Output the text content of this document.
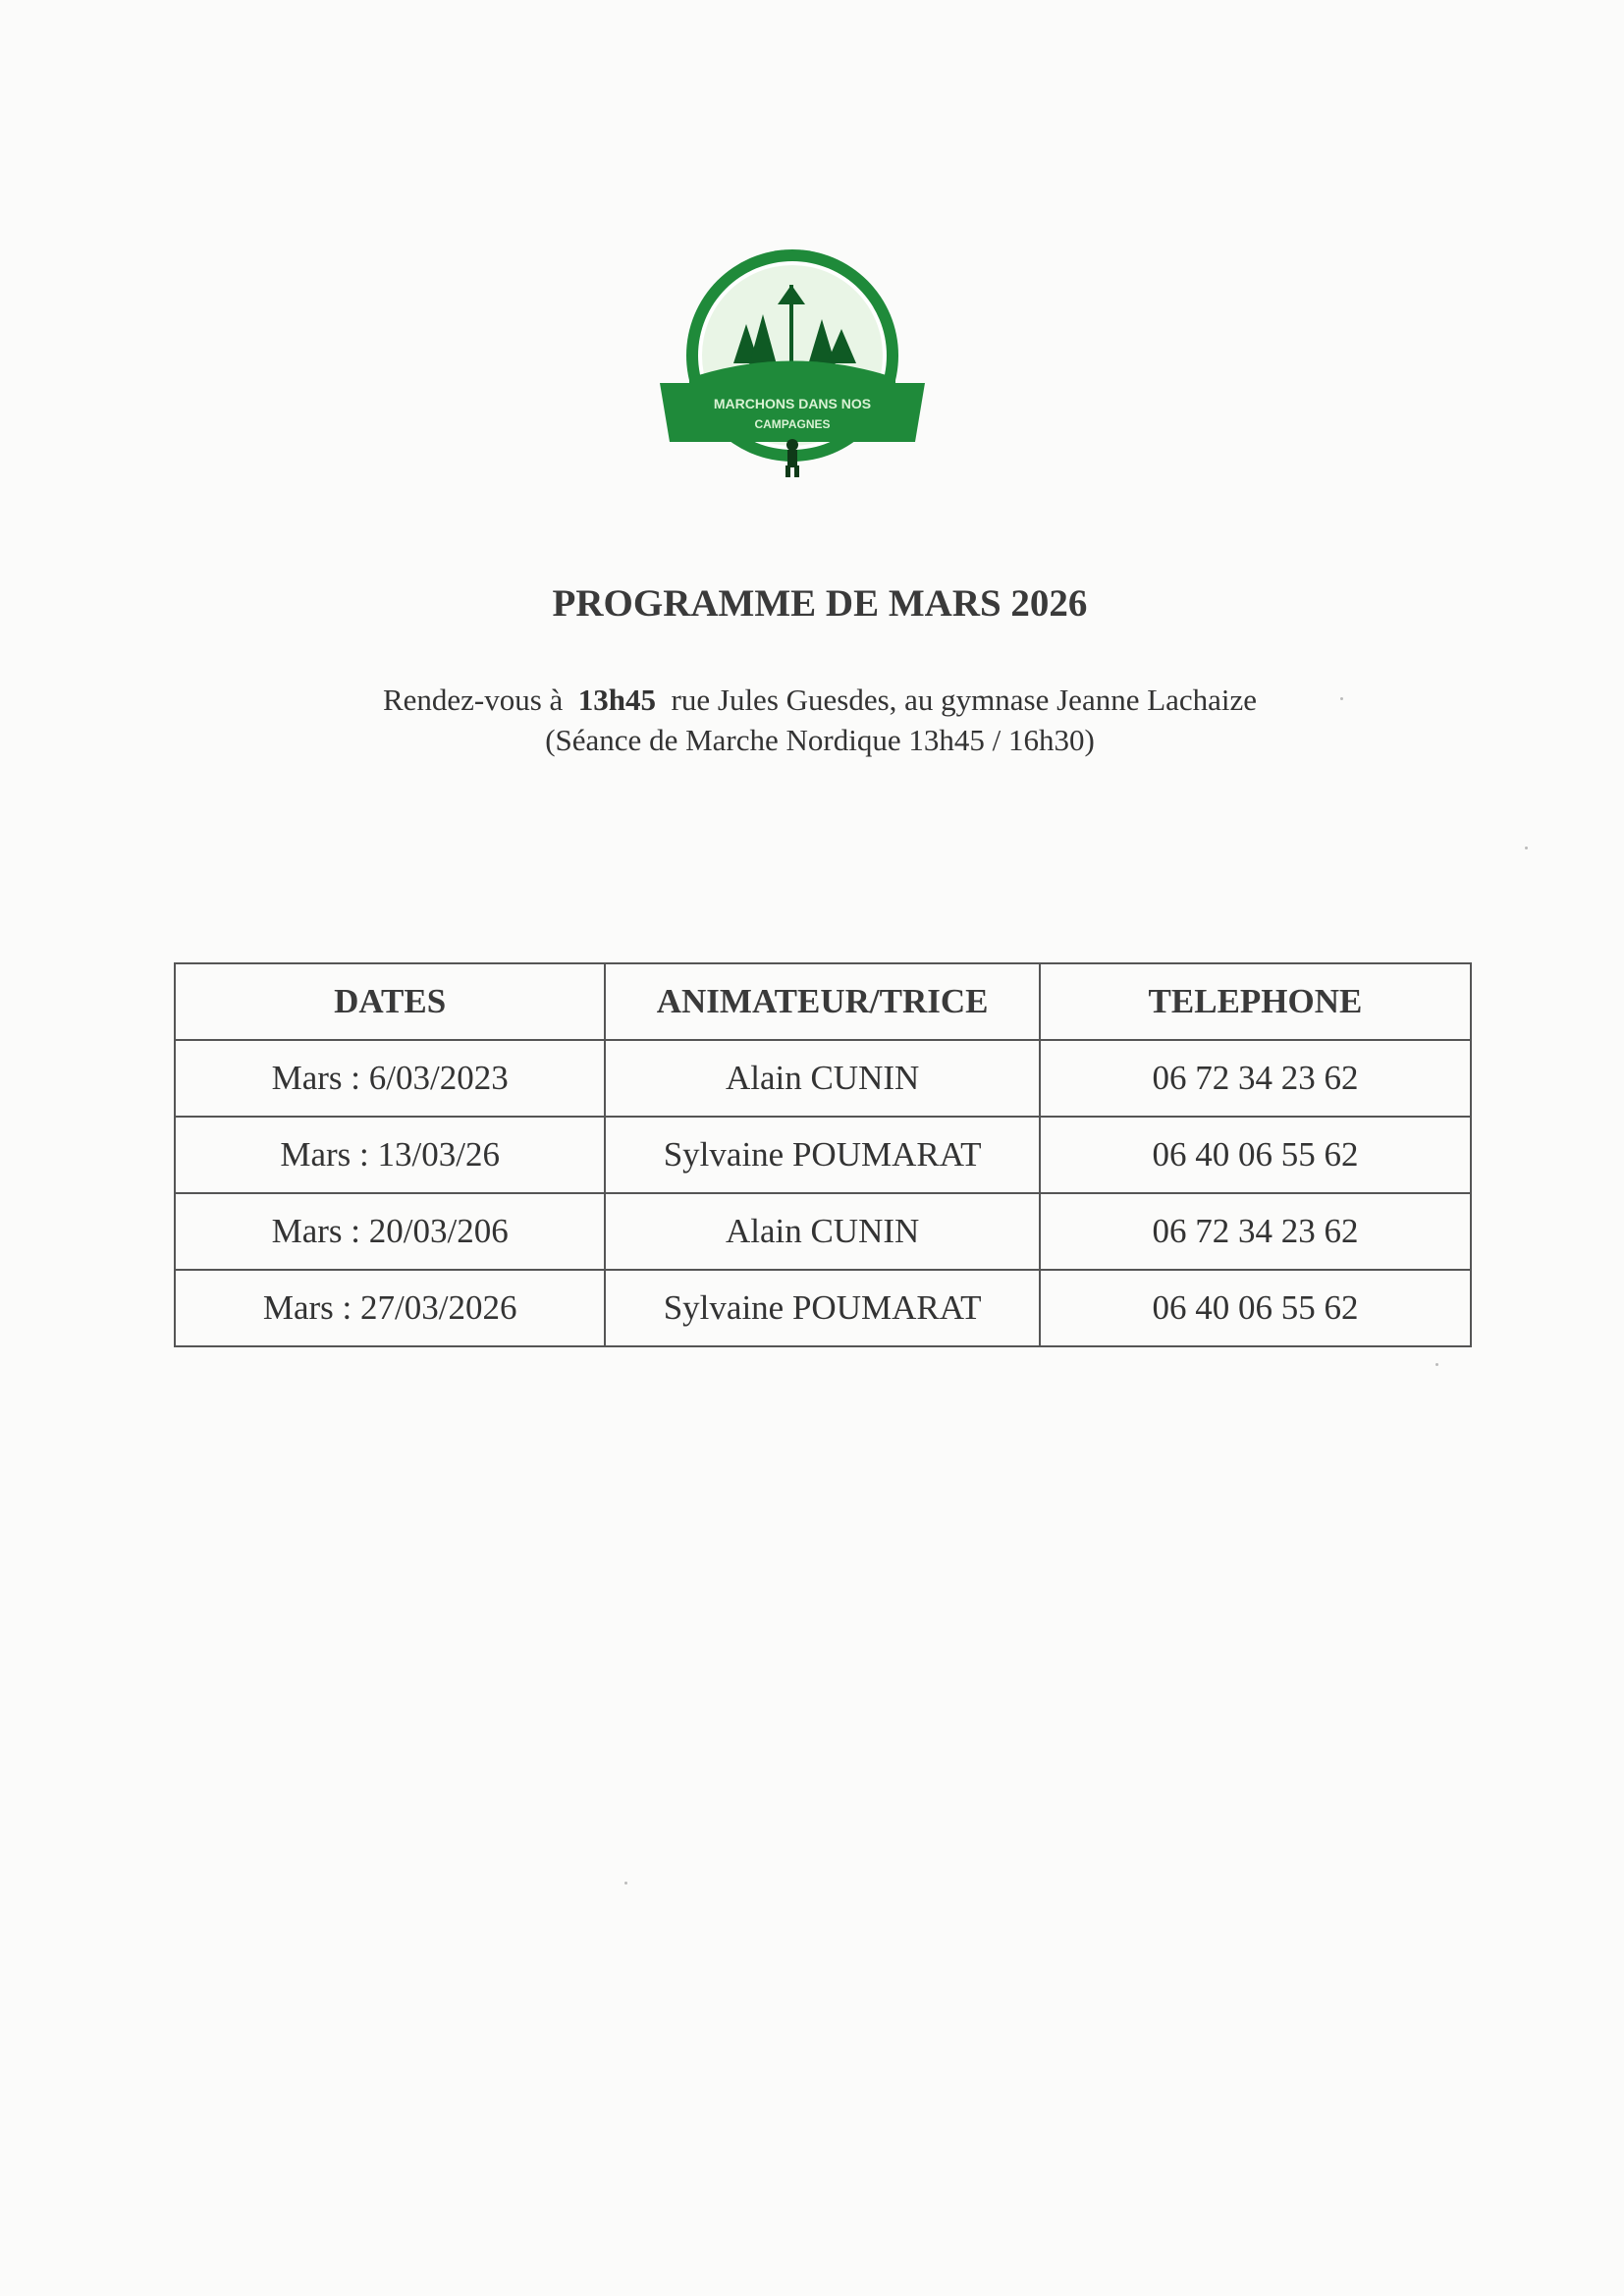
MARCHONS DANS NOS
CAMPAGNES
PROGRAMME DE MARS 2026
Rendez-vous à 13h45 rue Jules Guesdes, au gymnase Jeanne Lachaize
(Séance de Marche Nordique 13h45 / 16h30)
DATES	ANIMATEUR/TRICE	TELEPHONE
Mars : 6/03/2023	Alain CUNIN	06 72 34 23 62
Mars : 13/03/26	Sylvaine POUMARAT	06 40 06 55 62
Mars : 20/03/206	Alain CUNIN	06 72 34 23 62
Mars : 27/03/2026	Sylvaine POUMARAT	06 40 06 55 62
